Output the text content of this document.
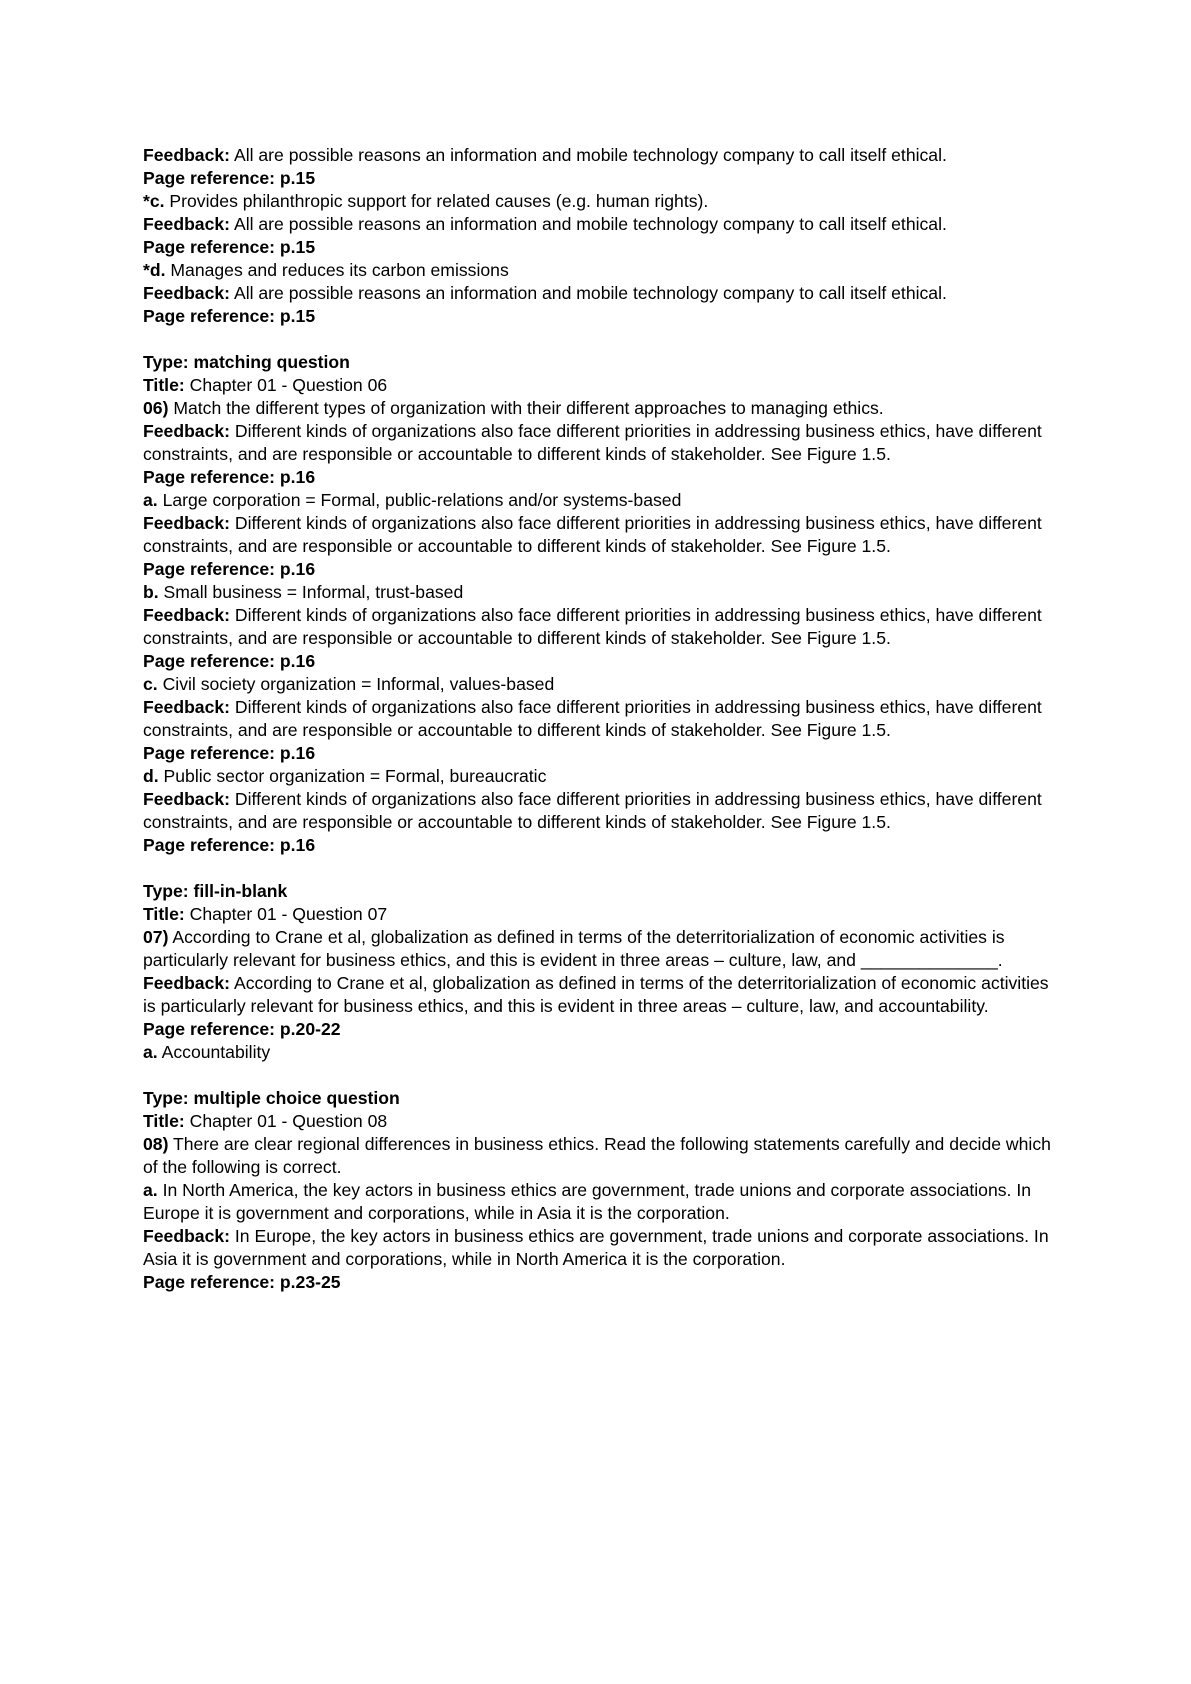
Feedback: All are possible reasons an information and mobile technology company to call itself ethical.

Page reference: p.15

*c. Provides philanthropic support for related causes (e.g. human rights).

Feedback: All are possible reasons an information and mobile technology company to call itself ethical.

Page reference: p.15

*d. Manages and reduces its carbon emissions

Feedback: All are possible reasons an information and mobile technology company to call itself ethical.

Page reference: p.15

Type: matching question

Title: Chapter 01 - Question 06

06) Match the different types of organization with their different approaches to managing ethics.

Feedback: Different kinds of organizations also face different priorities in addressing business ethics, have different constraints, and are responsible or accountable to different kinds of stakeholder. See Figure 1.5.

Page reference: p.16

a. Large corporation = Formal, public-relations and/or systems-based

Feedback: Different kinds of organizations also face different priorities in addressing business ethics, have different constraints, and are responsible or accountable to different kinds of stakeholder. See Figure 1.5.

Page reference: p.16

b. Small business = Informal, trust-based

Feedback: Different kinds of organizations also face different priorities in addressing business ethics, have different constraints, and are responsible or accountable to different kinds of stakeholder. See Figure 1.5.

Page reference: p.16

c. Civil society organization = Informal, values-based

Feedback: Different kinds of organizations also face different priorities in addressing business ethics, have different constraints, and are responsible or accountable to different kinds of stakeholder. See Figure 1.5.

Page reference: p.16

d. Public sector organization = Formal, bureaucratic

Feedback: Different kinds of organizations also face different priorities in addressing business ethics, have different constraints, and are responsible or accountable to different kinds of stakeholder. See Figure 1.5.

Page reference: p.16

Type: fill-in-blank

Title: Chapter 01 - Question 07

07) According to Crane et al, globalization as defined in terms of the deterritorialization of economic activities is particularly relevant for business ethics, and this is evident in three areas – culture, law, and ______________.

Feedback: According to Crane et al, globalization as defined in terms of the deterritorialization of economic activities is particularly relevant for business ethics, and this is evident in three areas – culture, law, and accountability.

Page reference: p.20-22

a. Accountability

Type: multiple choice question

Title: Chapter 01 - Question 08

08) There are clear regional differences in business ethics. Read the following statements carefully and decide which of the following is correct.

a. In North America, the key actors in business ethics are government, trade unions and corporate associations. In Europe it is government and corporations, while in Asia it is the corporation.

Feedback: In Europe, the key actors in business ethics are government, trade unions and corporate associations. In Asia it is government and corporations, while in North America it is the corporation.

Page reference: p.23-25
